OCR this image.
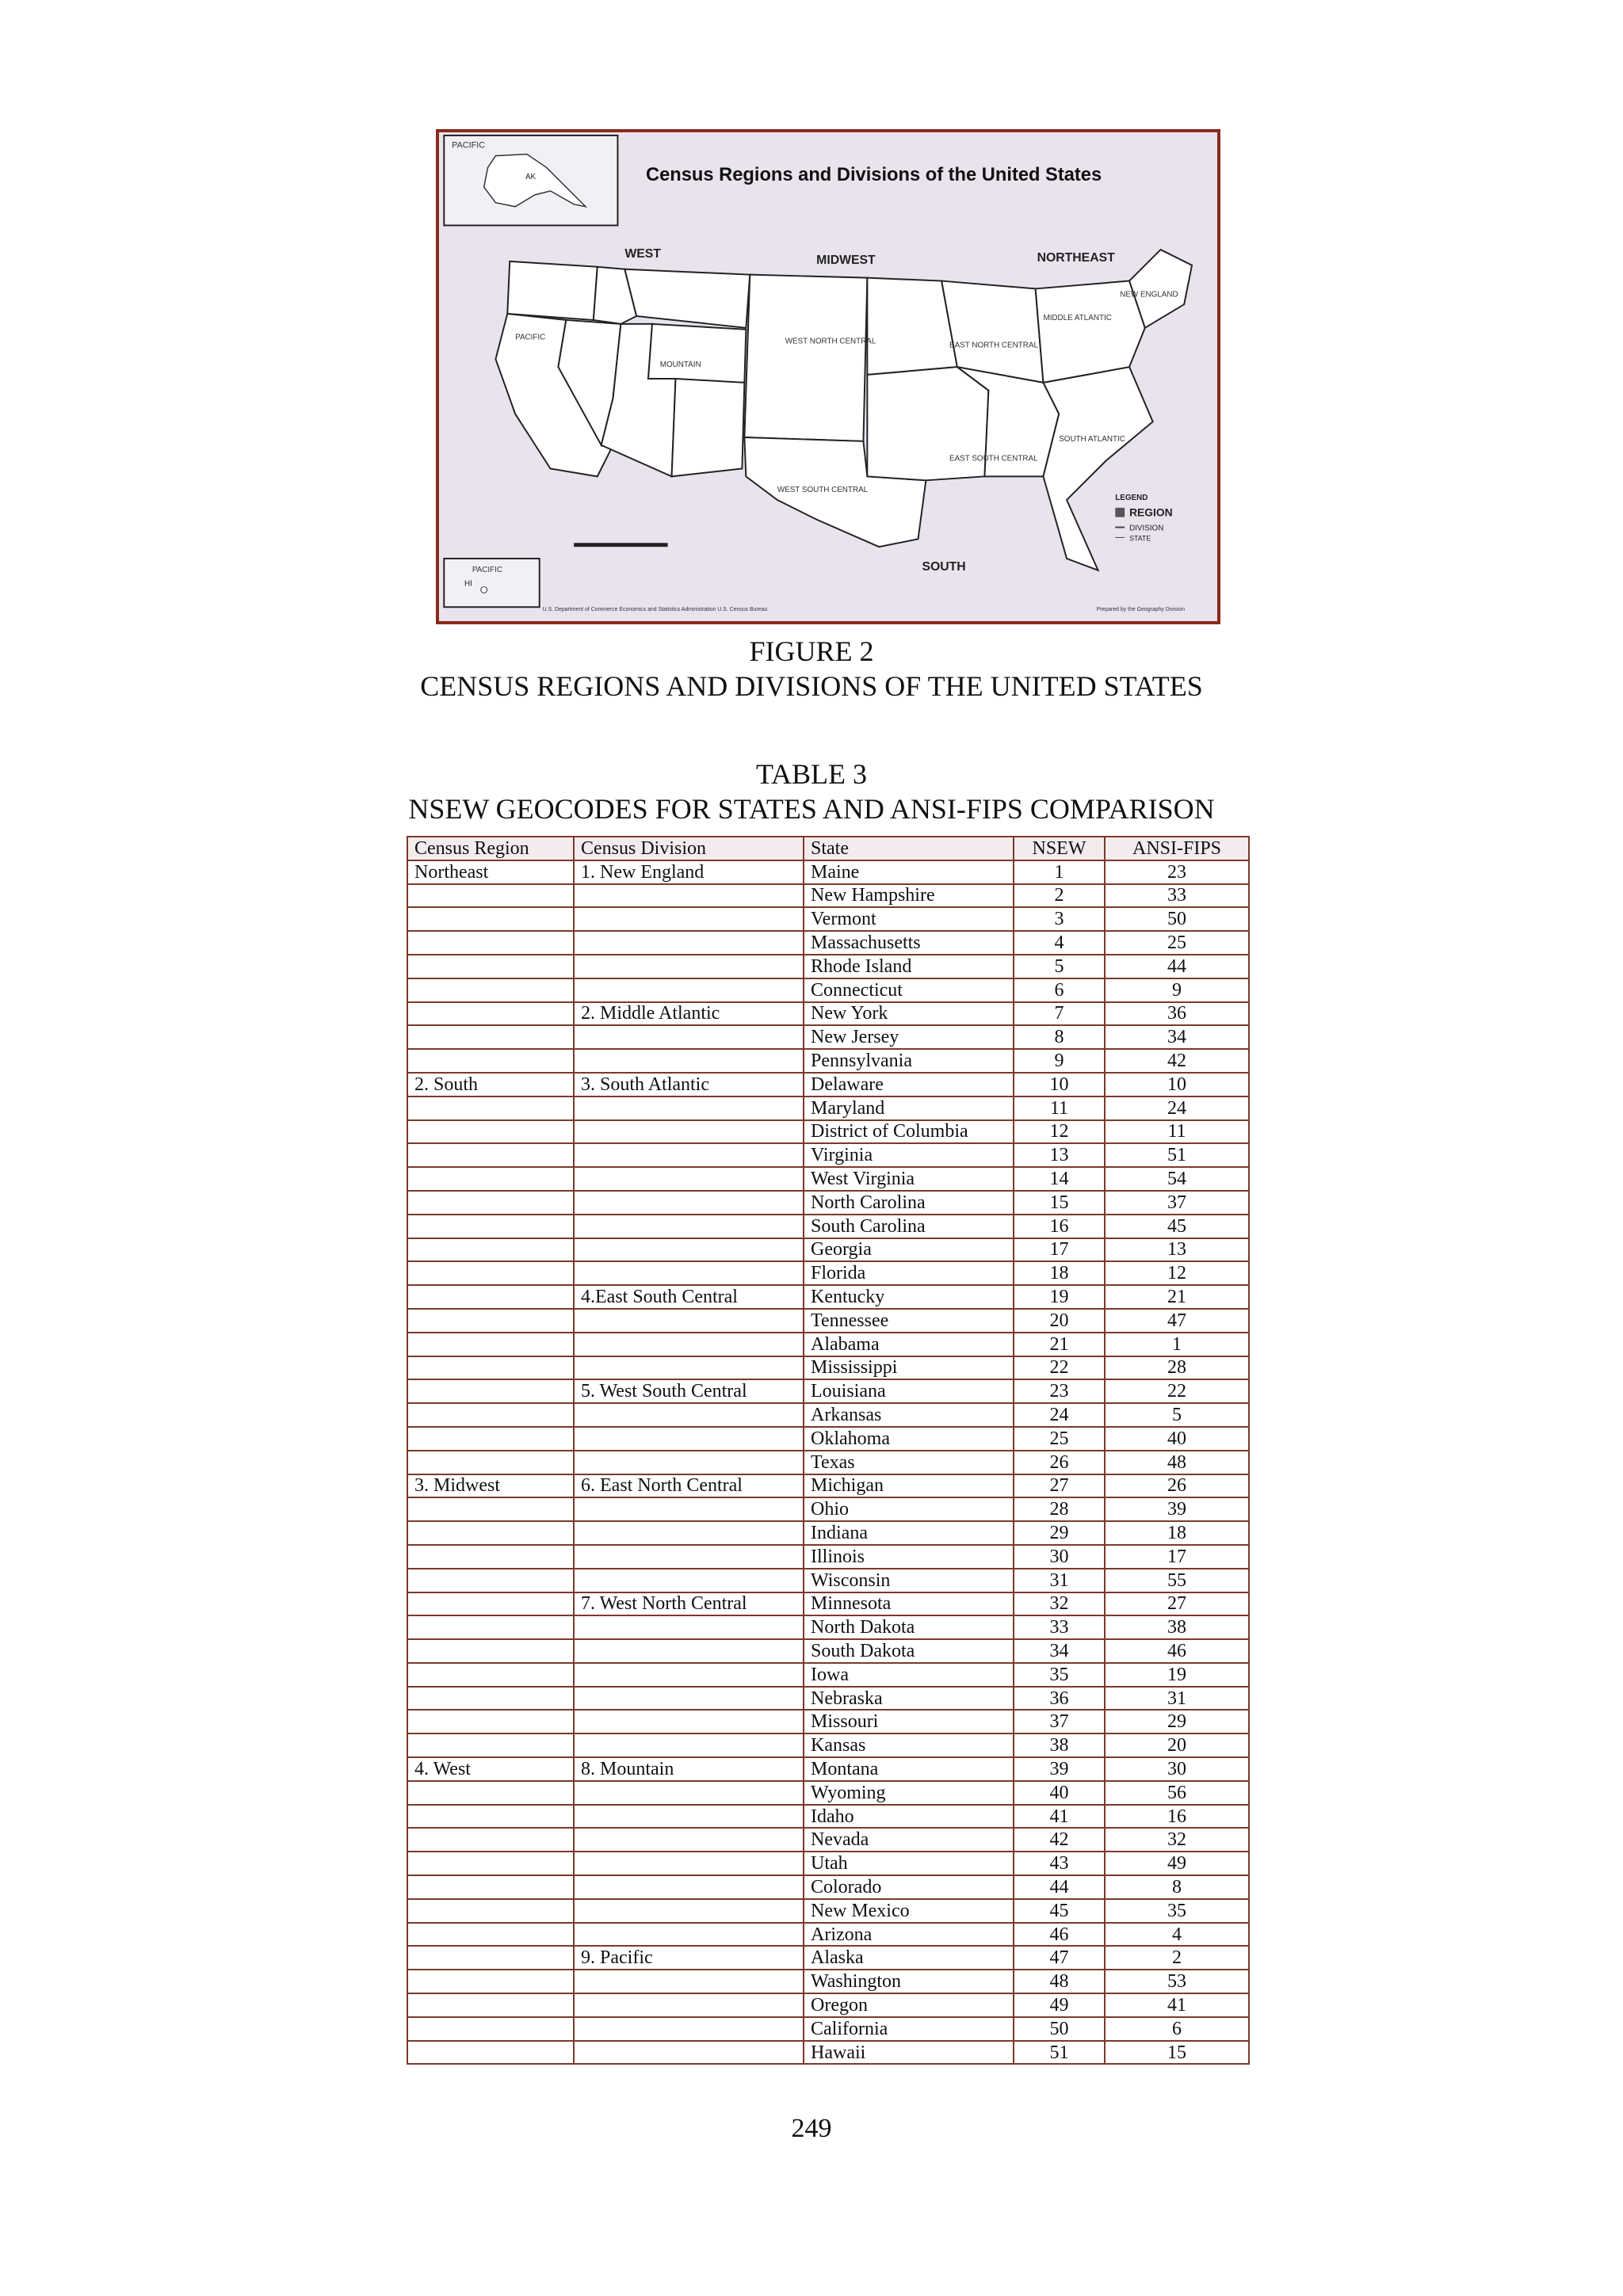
PACIFIC
AK	Census Regions and Divisions of the United States
WEST	MIDWEST	NORTHEAST
SOUTH
PACIFIC
MOUNTAIN
WEST NORTH CENTRAL	EAST NORTH CENTRAL
MIDDLE ATLANTIC
NEW ENGLAND
SOUTH ATLANTIC
EAST SOUTH CENTRAL
WEST SOUTH CENTRAL
LEGEND
REGION
DIVISION
STATE
PACIFIC
HI
U.S. Department of Commerce Economics and Statistics Administration U.S. Census Bureau	Prepared by the Geography Division
FIGURE 2
CENSUS REGIONS AND DIVISIONS OF THE UNITED STATES
TABLE 3
NSEW GEOCODES FOR STATES AND ANSI-FIPS COMPARISON
Census Region	Census Division	State	NSEW	ANSI-FIPS
Northeast	1. New England	Maine	1	23
		New Hampshire	2	33
		Vermont	3	50
		Massachusetts	4	25
		Rhode Island	5	44
		Connecticut	6	9
	2. Middle Atlantic	New York	7	36
		New Jersey	8	34
		Pennsylvania	9	42
2. South	3. South Atlantic	Delaware	10	10
		Maryland	11	24
		District of Columbia	12	11
		Virginia	13	51
		West Virginia	14	54
		North Carolina	15	37
		South Carolina	16	45
		Georgia	17	13
		Florida	18	12
	4.East South Central	Kentucky	19	21
		Tennessee	20	47
		Alabama	21	1
		Mississippi	22	28
	5. West South Central	Louisiana	23	22
		Arkansas	24	5
		Oklahoma	25	40
		Texas	26	48
3. Midwest	6. East North Central	Michigan	27	26
		Ohio	28	39
		Indiana	29	18
		Illinois	30	17
		Wisconsin	31	55
	7. West North Central	Minnesota	32	27
		North Dakota	33	38
		South Dakota	34	46
		Iowa	35	19
		Nebraska	36	31
		Missouri	37	29
		Kansas	38	20
4. West	8. Mountain	Montana	39	30
		Wyoming	40	56
		Idaho	41	16
		Nevada	42	32
		Utah	43	49
		Colorado	44	8
		New Mexico	45	35
		Arizona	46	4
	9. Pacific	Alaska	47	2
		Washington	48	53
		Oregon	49	41
		California	50	6
		Hawaii	51	15
249
